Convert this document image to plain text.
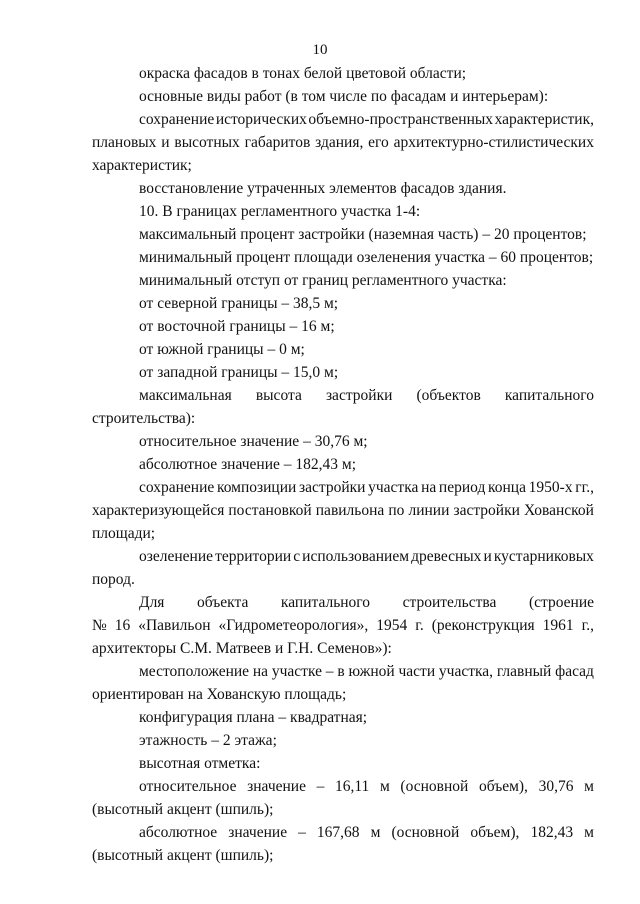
10
окраска фасадов в тонах белой цветовой области;
основные виды работ (в том числе по фасадам и интерьерам):
сохранение исторических объемно-пространственных характеристик,
плановых и высотных габаритов здания, его архитектурно-стилистических
характеристик;
восстановление утраченных элементов фасадов здания.
10. В границах регламентного участка 1-4:
максимальный процент застройки (наземная часть) – 20 процентов;
минимальный процент площади озеленения участка – 60 процентов;
минимальный отступ от границ регламентного участка:
от северной границы – 38,5 м;
от восточной границы – 16 м;
от южной границы – 0 м;
от западной границы – 15,0 м;
максимальная высота застройки (объектов капитального
строительства):
относительное значение – 30,76 м;
абсолютное значение – 182,43 м;
сохранение композиции застройки участка на период конца 1950-х гг.,
характеризующейся постановкой павильона по линии застройки Хованской
площади;
озеленение территории с использованием древесных и кустарниковых
пород.
Для объекта капитального строительства (строение
№ 16 «Павильон «Гидрометеорология», 1954 г. (реконструкция 1961 г.,
архитекторы С.М. Матвеев и Г.Н. Семенов»):
местоположение на участке – в южной части участка, главный фасад
ориентирован на Хованскую площадь;
конфигурация плана – квадратная;
этажность – 2 этажа;
высотная отметка:
относительное значение – 16,11 м (основной объем), 30,76 м
(высотный акцент (шпиль);
абсолютное значение – 167,68 м (основной объем), 182,43 м
(высотный акцент (шпиль);
